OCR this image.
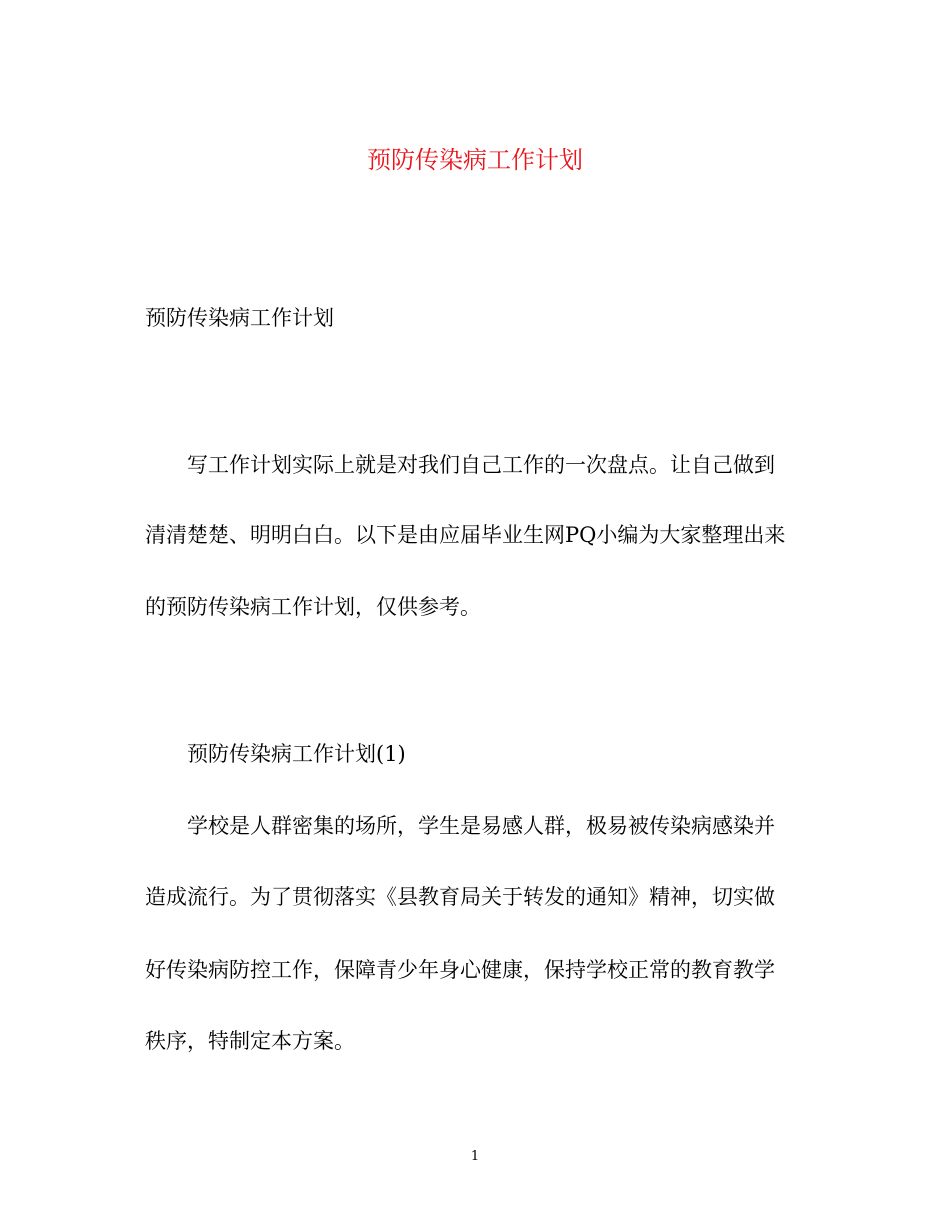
预防传染病工作计划
预防传染病工作计划
写工作计划实际上就是对我们自己工作的一次盘点。让自己做到
清清楚楚、明明白白。以下是由应届毕业生网PQ小编为大家整理出来
的预防传染病工作计划，仅供参考。
预防传染病工作计划(1)
学校是人群密集的场所，学生是易感人群，极易被传染病感染并
造成流行。为了贯彻落实《县教育局关于转发的通知》精神，切实做
好传染病防控工作，保障青少年身心健康，保持学校正常的教育教学
秩序，特制定本方案。
1
